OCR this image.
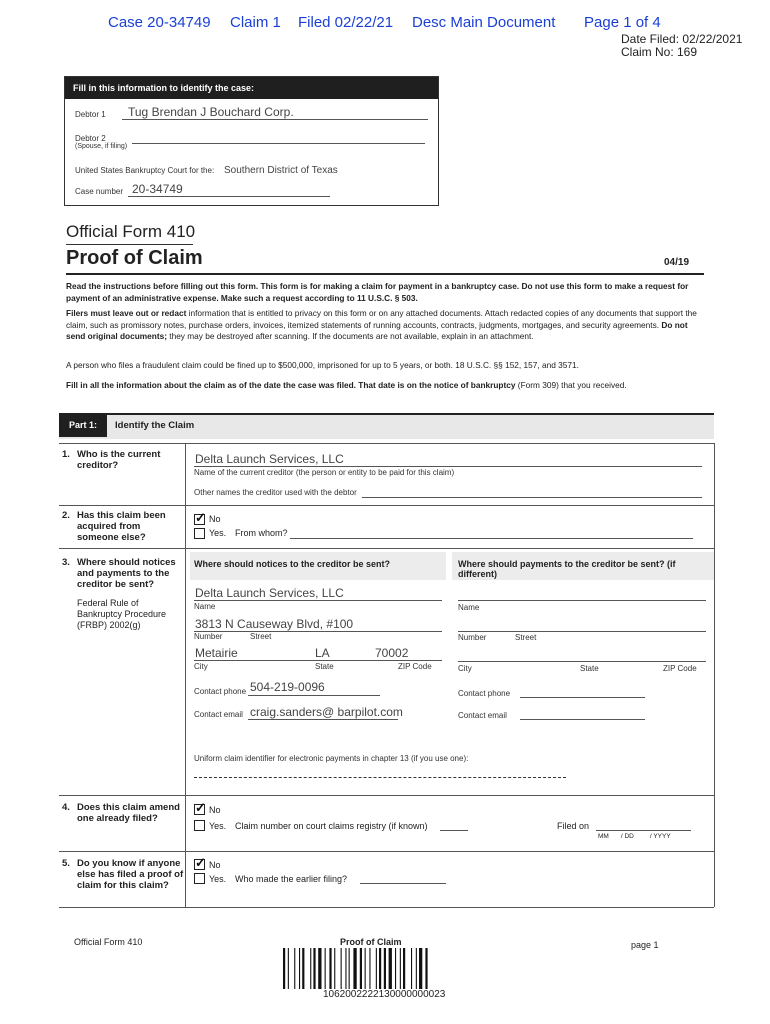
Case 20-34749 Claim 1 Filed 02/22/21 Desc Main Document Page 1 of 4
Date Filed: 02/22/2021
Claim No: 169
Fill in this information to identify the case:
Debtor 1 Tug Brendan J Bouchard Corp.
Debtor 2
(Spouse, if filing)
United States Bankruptcy Court for the: Southern District of Texas
Case number 20-34749
Official Form 410
Proof of Claim	04/19
Read the instructions before filling out this form. This form is for making a claim for payment in a bankruptcy case. Do not use this form to make a request for payment of an administrative expense. Make such a request according to 11 U.S.C. § 503.
Filers must leave out or redact information that is entitled to privacy on this form or on any attached documents. Attach redacted copies of any documents that support the claim, such as promissory notes, purchase orders, invoices, itemized statements of running accounts, contracts, judgments, mortgages, and security agreements. Do not send original documents; they may be destroyed after scanning. If the documents are not available, explain in an attachment.
A person who files a fraudulent claim could be fined up to $500,000, imprisoned for up to 5 years, or both. 18 U.S.C. §§ 152, 157, and 3571.
Fill in all the information about the claim as of the date the case was filed. That date is on the notice of bankruptcy (Form 309) that you received.
Part 1:	Identify the Claim
1. Who is the current creditor?	Delta Launch Services, LLC
Name of the current creditor (the person or entity to be paid for this claim)
Other names the creditor used with the debtor
2. Has this claim been acquired from someone else?
✓
No
Yes. From whom?
3. Where should notices and payments to the creditor be sent?
Federal Rule of Bankruptcy Procedure (FRBP) 2002(g)
Where should notices to the creditor be sent?	Where should payments to the creditor be sent? (if different)
Delta Launch Services, LLC
Name
3813 N Causeway Blvd, #100
Number	Street
Metairie	LA	70002
City	State	ZIP Code
Contact phone 504-219-0096
Contact email craig.sanders@ barpilot.com
Name
Number	Street
City	State	ZIP Code
Contact phone
Contact email
Uniform claim identifier for electronic payments in chapter 13 (if you use one):
4. Does this claim amend one already filed?
✓
No
Yes. Claim number on court claims registry (if known)	Filed on
MM / DD / YYYY
5. Do you know if anyone else has filed a proof of claim for this claim?
✓
No
Yes. Who made the earlier filing?
Official Form 410	Proof of Claim	page 1
1062002222130000000023
